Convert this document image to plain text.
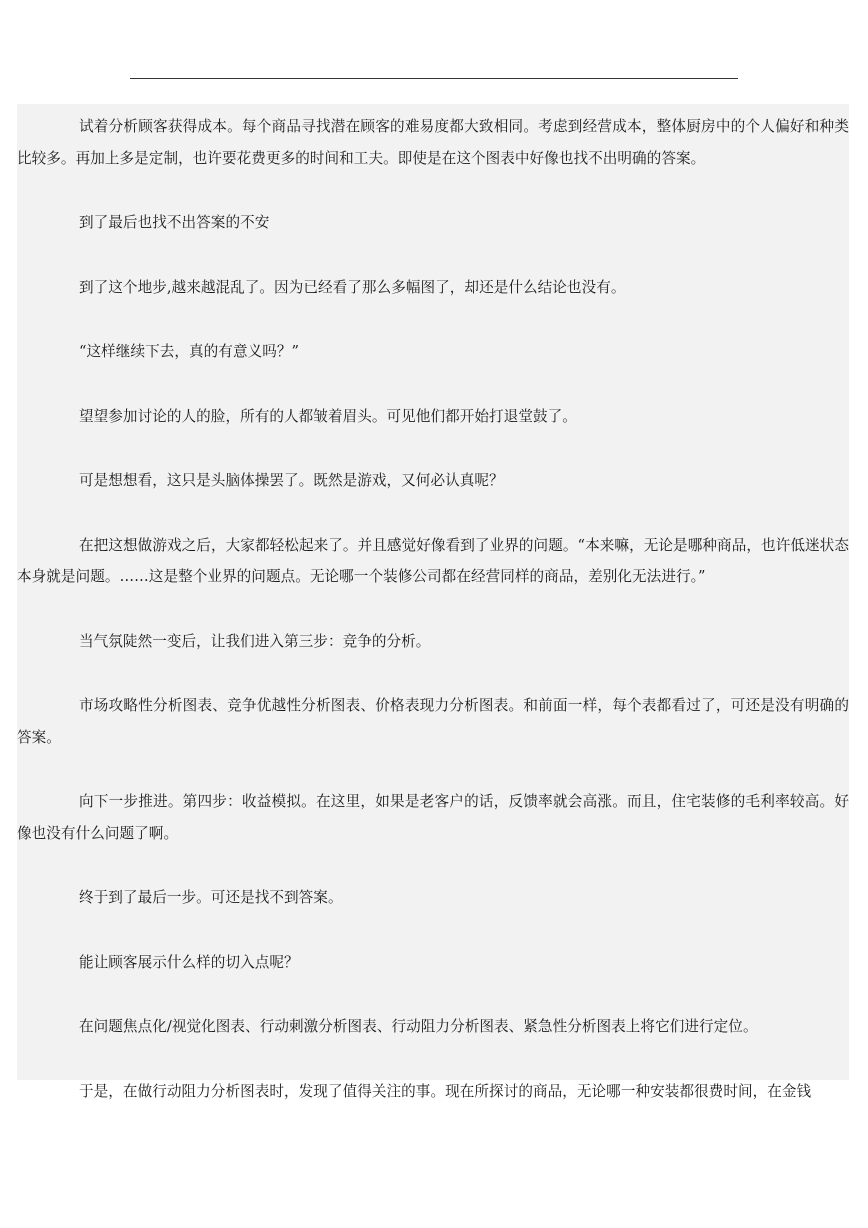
试着分析顾客获得成本。每个商品寻找潜在顾客的难易度都大致相同。考虑到经营成本，整体厨房中的个人偏好和种类比较多。再加上多是定制，也许要花费更多的时间和工夫。即使是在这个图表中好像也找不出明确的答案。

到了最后也找不出答案的不安

到了这个地步,越来越混乱了。因为已经看了那么多幅图了，却还是什么结论也没有。

“这样继续下去，真的有意义吗？”

望望参加讨论的人的脸，所有的人都皱着眉头。可见他们都开始打退堂鼓了。

可是想想看，这只是头脑体操罢了。既然是游戏，又何必认真呢？

在把这想做游戏之后，大家都轻松起来了。并且感觉好像看到了业界的问题。“本来嘛，无论是哪种商品，也许低迷状态本身就是问题。……这是整个业界的问题点。无论哪一个装修公司都在经营同样的商品，差别化无法进行。”

当气氛陡然一变后，让我们进入第三步：竞争的分析。

市场攻略性分析图表、竞争优越性分析图表、价格表现力分析图表。和前面一样，每个表都看过了，可还是没有明确的答案。

向下一步推进。第四步：收益模拟。在这里，如果是老客户的话，反馈率就会高涨。而且，住宅装修的毛利率较高。好像也没有什么问题了啊。

终于到了最后一步。可还是找不到答案。

能让顾客展示什么样的切入点呢？

在问题焦点化/视觉化图表、行动刺激分析图表、行动阻力分析图表、紧急性分析图表上将它们进行定位。

于是，在做行动阻力分析图表时，发现了值得关注的事。现在所探讨的商品，无论哪一种安装都很费时间，在金钱
